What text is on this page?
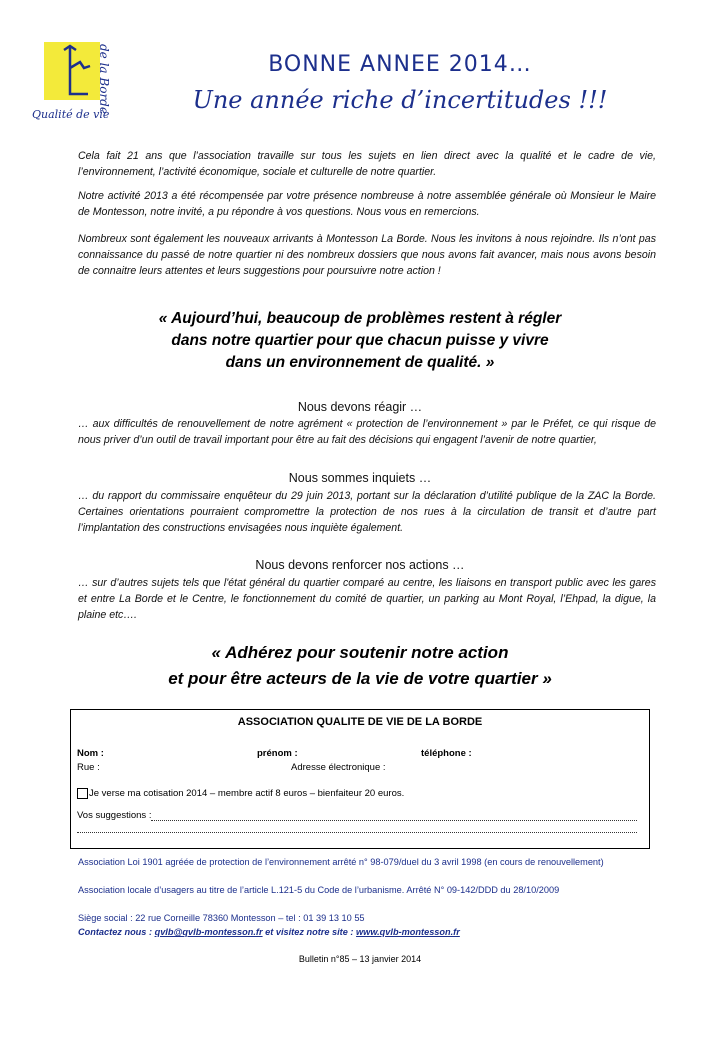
de la Borde
Qualité de vie
BONNE ANNEE 2014…
Une année riche d’incertitudes !!!
Cela fait 21 ans que l’association travaille sur tous les sujets en lien direct avec la qualité et le cadre de vie, l’environnement, l’activité économique, sociale et culturelle de notre quartier.
Notre activité 2013 a été récompensée par votre présence nombreuse à notre assemblée générale où Monsieur le Maire de Montesson, notre invité, a pu répondre à vos questions. Nous vous en remercions.
Nombreux sont également les nouveaux arrivants à Montesson La Borde. Nous les invitons à nous rejoindre. Ils n’ont pas connaissance du passé de notre quartier ni des nombreux dossiers que nous avons fait avancer, mais nous avons besoin de connaitre leurs attentes et leurs suggestions pour poursuivre notre action !
« Aujourd’hui, beaucoup de problèmes restent à régler
dans notre quartier pour que chacun puisse y vivre
dans un environnement de qualité. »
Nous devons réagir …
… aux difficultés de renouvellement de notre agrément « protection de l’environnement » par le Préfet, ce qui risque de nous priver d’un outil de travail important pour être au fait des décisions qui engagent l’avenir de notre quartier,
Nous sommes inquiets …
… du rapport du commissaire enquêteur du 29 juin 2013, portant sur la déclaration d’utilité publique de la ZAC la Borde. Certaines orientations pourraient compromettre la protection de nos rues à la circulation de transit et d’autre part l’implantation des constructions envisagées nous inquiète également.
Nous devons renforcer nos actions …
… sur d’autres sujets tels que l'état général du quartier comparé au centre, les liaisons en transport public avec les gares et entre La Borde et le Centre, le fonctionnement du comité de quartier, un parking au Mont Royal, l’Ehpad, la digue, la plaine etc….
« Adhérez pour soutenir notre action
et pour être acteurs de la vie de votre quartier »
ASSOCIATION QUALITE DE VIE DE LA BORDE
Nom :	prénom :	téléphone :
Rue :	Adresse électronique :
Je verse ma cotisation 2014 – membre actif 8 euros – bienfaiteur 20 euros.
Vos suggestions :
Association Loi 1901 agréée de protection de l’environnement arrêté n° 98-079/duel du 3 avril 1998 (en cours de renouvellement)
Association locale d’usagers au titre de l’article L.121-5 du Code de l’urbanisme. Arrêté N° 09-142/DDD du 28/10/2009
Siège social : 22 rue Corneille 78360 Montesson – tel : 01 39 13 10 55
Contactez nous : qvlb@qvlb-montesson.fr et visitez notre site : www.qvlb-montesson.fr
Bulletin n°85 – 13 janvier 2014
